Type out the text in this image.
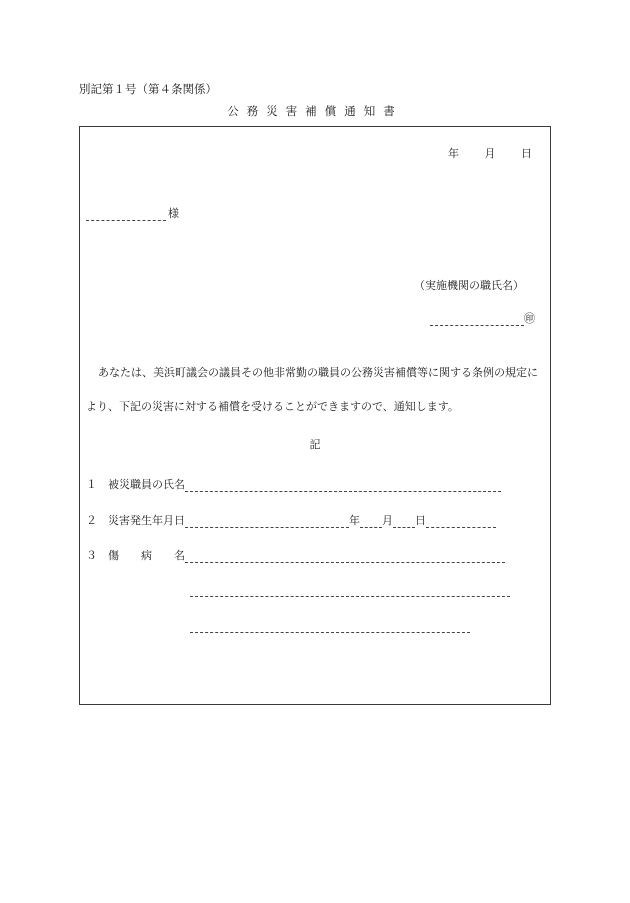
別記第１号（第４条関係）
公務災害補償通知書
年 月 日
様
（実施機関の職氏名）
㊞
あなたは、美浜町議会の議員その他非常勤の職員の公務災害補償等に関する条例の規定により、下記の災害に対する補償を受けることができますので、通知します。
記
１ 被災職員の氏名
２ 災害発生年月日	年 月 日
３ 傷　　病　　名
